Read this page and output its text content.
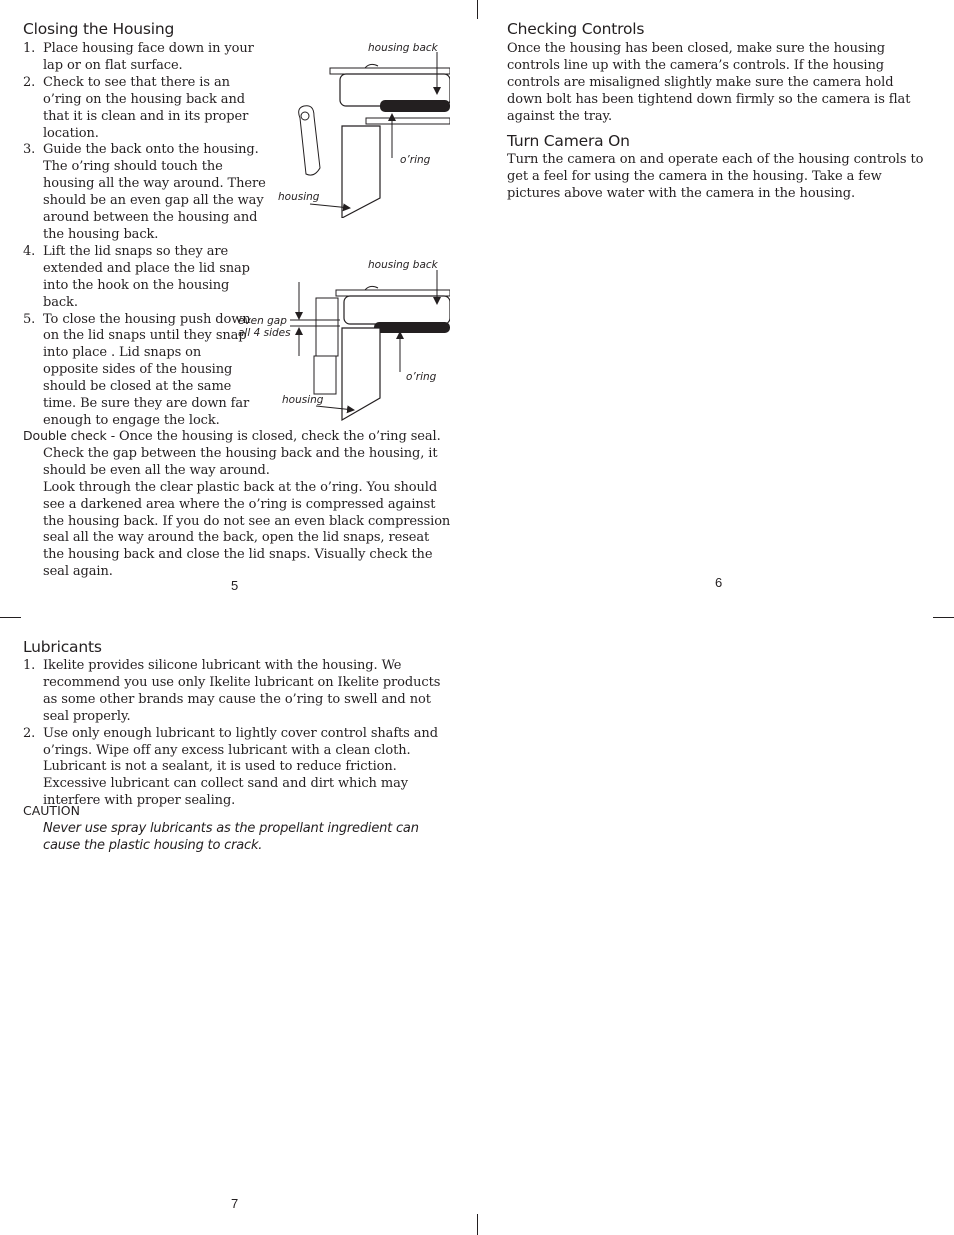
Closing the Housing
1. Place housing face down in your lap or on flat surface.
2. Check to see that there is an o’ring on the housing back and that it is clean and in its proper location.
3. Guide the back onto the housing. The o’ring should touch the housing all the way around. There should be an even gap all the way around between the housing and the housing back.
4. Lift the lid snaps so they are extended and place the lid snap into the hook on the housing back.
5. To close the housing push down on the lid snaps until they snap into place . Lid snaps on opposite sides of the housing should be closed at the same time. Be sure they are down far enough to engage the lock.
Double check - Once the housing is closed, check the o’ring seal.
Check the gap between the housing back and the housing, it should be even all the way around.
Look through the clear plastic back at the o’ring. You should see a darkened area where the o’ring is compressed against the housing back. If you do not see an even black compression seal all the way around the back, open the lid snaps, reseat the housing back and close the lid snaps. Visually check the seal again.
housing back
o’ring
housing
housing back
even gap
all 4 sides
o’ring
housing
5
Checking Controls

Once the housing has been closed, make sure the housing controls line up with the camera’s controls. If the housing controls are misaligned slightly make sure the camera hold down bolt has been tightend down firmly so the camera is flat against the tray.

Turn Camera On

Turn the camera on and operate each of the housing controls to get a feel for using the camera in the housing. Take a few pictures above water with the camera in the housing.

6
Lubricants
1. Ikelite provides silicone lubricant with the housing. We recommend you use only Ikelite lubricant on Ikelite products as some other brands may cause the o’ring to swell and not seal properly.
2. Use only enough lubricant to lightly cover control shafts and o’rings. Wipe off any excess lubricant with a clean cloth. Lubricant is not a sealant, it is used to reduce friction. Excessive lubricant can collect sand and dirt which may interfere with proper sealing.
CAUTION

Never use spray lubricants as the propellant ingredient can cause the plastic housing to crack.

7
